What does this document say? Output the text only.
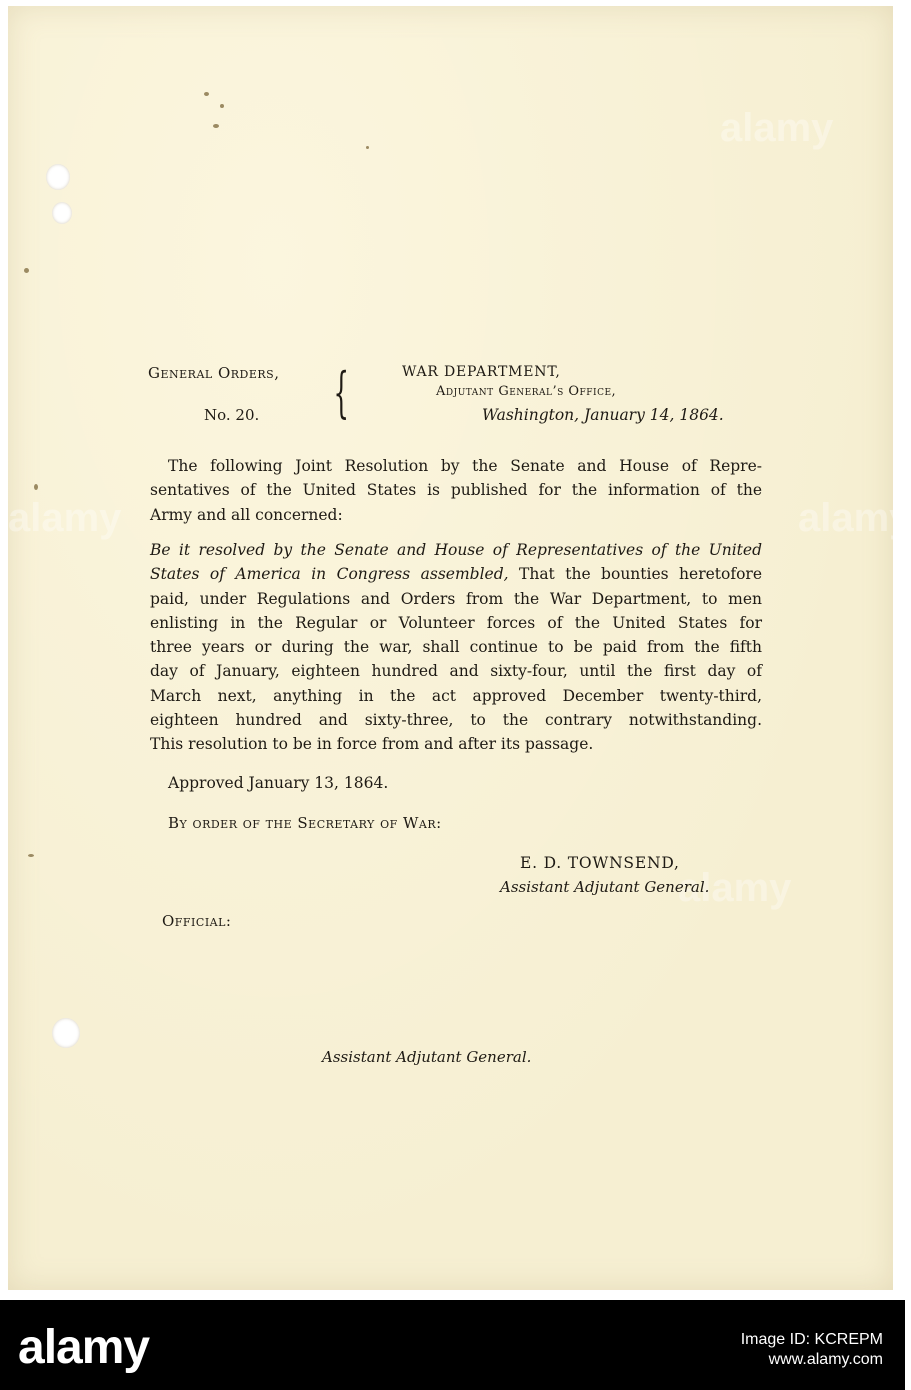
alamy
alamy
alamy
alamy
General Orders,
No. 20. {	WAR DEPARTMENT,
Adjutant General’s Office,
Washington, January 14, 1864.
The following Joint Resolution by the Senate and House of Repre-
sentatives of the United States is published for the information of the
Army and all concerned:
Be it resolved by the Senate and House of Representatives of the United
States of America in Congress assembled, That the bounties heretofore
paid, under Regulations and Orders from the War Department, to men
enlisting in the Regular or Volunteer forces of the United States for
three years or during the war, shall continue to be paid from the fifth
day of January, eighteen hundred and sixty-four, until the first day of
March next, anything in the act approved December twenty-third,
eighteen hundred and sixty-three, to the contrary notwithstanding.
This resolution to be in force from and after its passage.
Approved January 13, 1864.
By order of the Secretary of War:
E. D. TOWNSEND,
Assistant Adjutant General.
Official:
Assistant Adjutant General.
alamy	Image ID: KCREPM
www.alamy.com
